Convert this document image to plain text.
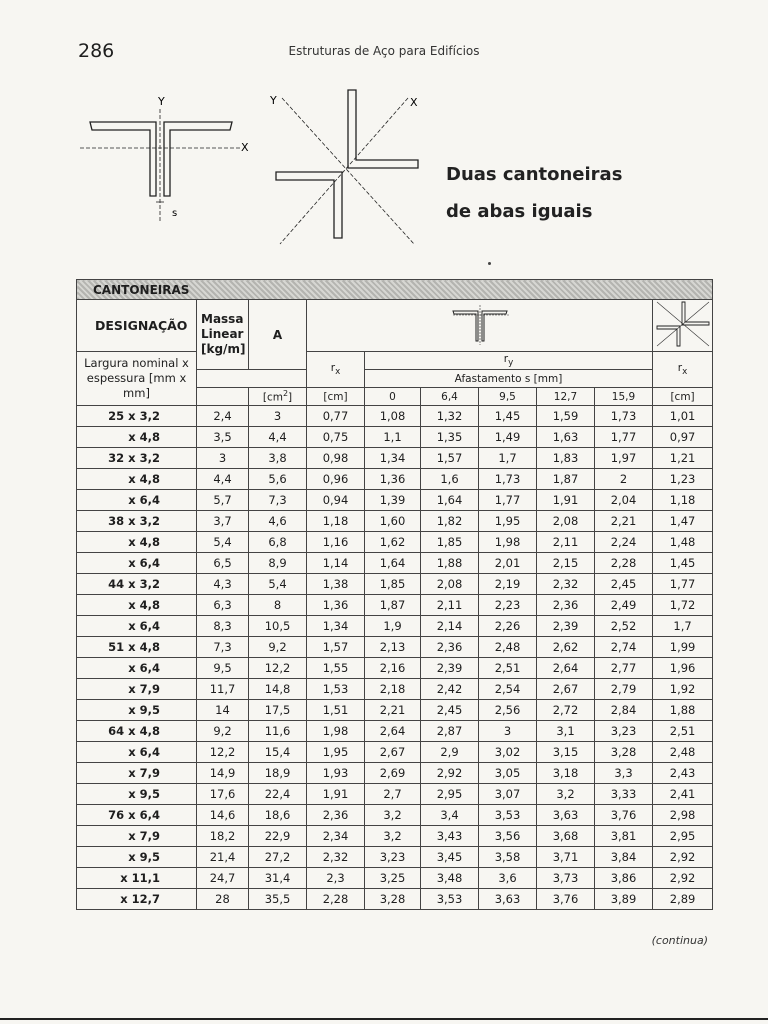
286	Estruturas de Aço para Edifícios
Y
X
s
Y	X
Duas cantoneiras
de abas iguais
CANTONEIRAS									
DESIGNAÇÃO	Massa Linear [kg/m]	A		
Largura nominal x espessura [mm x mm]			$r_x$	$r_y$					$r_x$
				Afastamento s [mm]					
		$[cm^2]$	[cm]	0	6,4	9,5	12,7	15,9	[cm]
25 x 3,2	2,4	3	0,77	1,08	1,32	1,45	1,59	1,73	1,01
x 4,8	3,5	4,4	0,75	1,1	1,35	1,49	1,63	1,77	0,97
32 x 3,2	3	3,8	0,98	1,34	1,57	1,7	1,83	1,97	1,21
x 4,8	4,4	5,6	0,96	1,36	1,6	1,73	1,87	2	1,23
x 6,4	5,7	7,3	0,94	1,39	1,64	1,77	1,91	2,04	1,18
38 x 3,2	3,7	4,6	1,18	1,60	1,82	1,95	2,08	2,21	1,47
x 4,8	5,4	6,8	1,16	1,62	1,85	1,98	2,11	2,24	1,48
x 6,4	6,5	8,9	1,14	1,64	1,88	2,01	2,15	2,28	1,45
44 x 3,2	4,3	5,4	1,38	1,85	2,08	2,19	2,32	2,45	1,77
x 4,8	6,3	8	1,36	1,87	2,11	2,23	2,36	2,49	1,72
x 6,4	8,3	10,5	1,34	1,9	2,14	2,26	2,39	2,52	1,7
51 x 4,8	7,3	9,2	1,57	2,13	2,36	2,48	2,62	2,74	1,99
x 6,4	9,5	12,2	1,55	2,16	2,39	2,51	2,64	2,77	1,96
x 7,9	11,7	14,8	1,53	2,18	2,42	2,54	2,67	2,79	1,92
x 9,5	14	17,5	1,51	2,21	2,45	2,56	2,72	2,84	1,88
64 x 4,8	9,2	11,6	1,98	2,64	2,87	3	3,1	3,23	2,51
x 6,4	12,2	15,4	1,95	2,67	2,9	3,02	3,15	3,28	2,48
x 7,9	14,9	18,9	1,93	2,69	2,92	3,05	3,18	3,3	2,43
x 9,5	17,6	22,4	1,91	2,7	2,95	3,07	3,2	3,33	2,41
76 x 6,4	14,6	18,6	2,36	3,2	3,4	3,53	3,63	3,76	2,98
x 7,9	18,2	22,9	2,34	3,2	3,43	3,56	3,68	3,81	2,95
x 9,5	21,4	27,2	2,32	3,23	3,45	3,58	3,71	3,84	2,92
x 11,1	24,7	31,4	2,3	3,25	3,48	3,6	3,73	3,86	2,92
x 12,7	28	35,5	2,28	3,28	3,53	3,63	3,76	3,89	2,89
(continua)
